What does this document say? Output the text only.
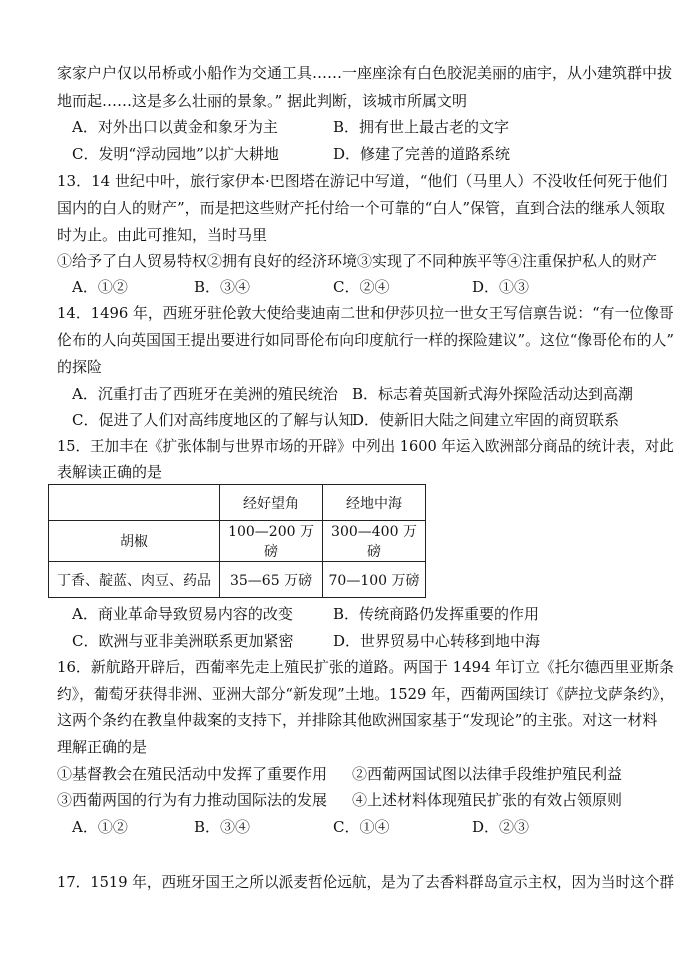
家家户户仅以吊桥或小船作为交通工具……一座座涂有白色胶泥美丽的庙宇，从小建筑群中拔
地而起……这是多么壮丽的景象。” 据此判断，该城市所属文明
A．对外出口以黄金和象牙为主	B．拥有世上最古老的文字
C．发明“浮动园地”以扩大耕地	D．修建了完善的道路系统
13．14 世纪中叶，旅行家伊本·巴图塔在游记中写道，“他们（马里人）不没收任何死于他们
国内的白人的财产”，而是把这些财产托付给一个可靠的“白人”保管，直到合法的继承人领取
时为止。由此可推知，当时马里
①给予了白人贸易特权②拥有良好的经济环境③实现了不同种族平等④注重保护私人的财产
A．①②	B．③④	C．②④	D．①③
14．1496 年，西班牙驻伦敦大使给斐迪南二世和伊莎贝拉一世女王写信禀告说：“有一位像哥
伦布的人向英国国王提出要进行如同哥伦布向印度航行一样的探险建议”。这位“像哥伦布的人”
的探险
A．沉重打击了西班牙在美洲的殖民统治 B．标志着英国新式海外探险活动达到高潮
C．促进了人们对高纬度地区的了解与认知
D．使新旧大陆之间建立牢固的商贸联系
15．王加丰在《扩张体制与世界市场的开辟》中列出 1600 年运入欧洲部分商品的统计表，对此
表解读正确的是
	经好望角	经地中海
胡椒	100—200 万磅	300—400 万磅
丁香、靛蓝、肉豆、药品	35—65 万磅	70—100 万磅
A．商业革命导致贸易内容的改变	B．传统商路仍发挥重要的作用
C．欧洲与亚非美洲联系更加紧密	D．世界贸易中心转移到地中海
16．新航路开辟后，西葡率先走上殖民扩张的道路。两国于 1494 年订立《托尔德西里亚斯条
约》，葡萄牙获得非洲、亚洲大部分“新发现”土地。1529 年，西葡两国续订《萨拉戈萨条约》，
这两个条约在教皇仲裁案的支持下，并排除其他欧洲国家基于“发现论”的主张。对这一材料
理解正确的是
①基督教会在殖民活动中发挥了重要作用 ②西葡两国试图以法律手段维护殖民利益
③西葡两国的行为有力推动国际法的发展 ④上述材料体现殖民扩张的有效占领原则
A．①②	B．③④	C．①④	D．②③
17．1519 年，西班牙国王之所以派麦哲伦远航，是为了去香料群岛宣示主权，因为当时这个群
